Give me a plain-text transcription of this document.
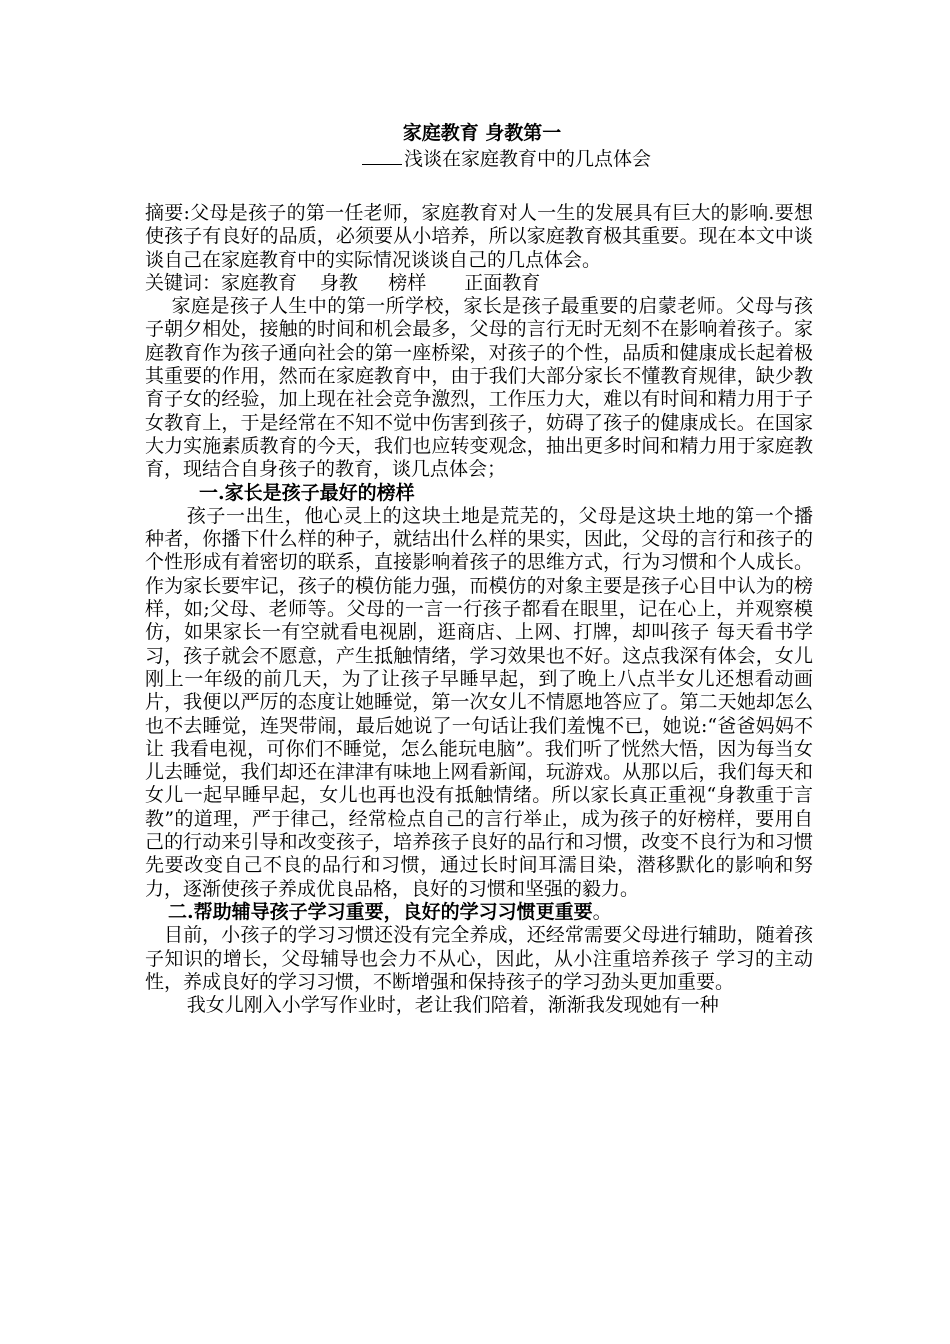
家庭教育 身教第一
浅谈在家庭教育中的几点体会

摘要:父母是孩子的第一任老师，家庭教育对人一生的发展具有巨大的影响.要想使孩子有良好的品质，必须要从小培养，所以家庭教育极其重要。现在本文中谈谈自己在家庭教育中的实际情况谈谈自己的几点体会。

关键词：家庭教育 身教 榜样 正面教育

家庭是孩子人生中的第一所学校，家长是孩子最重要的启蒙老师。父母与孩子朝夕相处，接触的时间和机会最多，父母的言行无时无刻不在影响着孩子。家庭教育作为孩子通向社会的第一座桥梁，对孩子的个性，品质和健康成长起着极其重要的作用，然而在家庭教育中，由于我们大部分家长不懂教育规律，缺少教育子女的经验，加上现在社会竞争激烈，工作压力大，难以有时间和精力用于子女教育上，于是经常在不知不觉中伤害到孩子，妨碍了孩子的健康成长。在国家大力实施素质教育的今天，我们也应转变观念，抽出更多时间和精力用于家庭教育，现结合自身孩子的教育，谈几点体会；

一.家长是孩子最好的榜样

孩子一出生，他心灵上的这块土地是荒芜的，父母是这块土地的第一个播种者，你播下什么样的种子，就结出什么样的果实，因此，父母的言行和孩子的个性形成有着密切的联系，直接影响着孩子的思维方式，行为习惯和个人成长。作为家长要牢记，孩子的模仿能力强，而模仿的对象主要是孩子心目中认为的榜样，如;父母、老师等。父母的一言一行孩子都看在眼里，记在心上，并观察模仿，如果家长一有空就看电视剧，逛商店、上网、打牌，却叫孩子 每天看书学习，孩子就会不愿意，产生抵触情绪，学习效果也不好。这点我深有体会，女儿刚上一年级的前几天，为了让孩子早睡早起，到了晚上八点半女儿还想看动画片，我便以严厉的态度让她睡觉，第一次女儿不情愿地答应了。第二天她却怎么也不去睡觉，连哭带闹，最后她说了一句话让我们羞愧不已，她说:“爸爸妈妈不让 我看电视，可你们不睡觉，怎么能玩电脑”。我们听了恍然大悟，因为每当女儿去睡觉，我们却还在津津有味地上网看新闻，玩游戏。从那以后，我们每天和女儿一起早睡早起，女儿也再也没有抵触情绪。所以家长真正重视“身教重于言教”的道理，严于律己，经常检点自己的言行举止，成为孩子的好榜样，要用自己的行动来引导和改变孩子，培养孩子良好的品行和习惯，改变不良行为和习惯先要改变自己不良的品行和习惯，通过长时间耳濡目染，潜移默化的影响和努力，逐渐使孩子养成优良品格，良好的习惯和坚强的毅力。

二.帮助辅导孩子学习重要，良好的学习习惯更重要。

目前，小孩子的学习习惯还没有完全养成，还经常需要父母进行辅助，随着孩子知识的增长，父母辅导也会力不从心，因此，从小注重培养孩子 学习的主动性，养成良好的学习习惯，不断增强和保持孩子的学习劲头更加重要。

我女儿刚入小学写作业时，老让我们陪着，渐渐我发现她有一种
